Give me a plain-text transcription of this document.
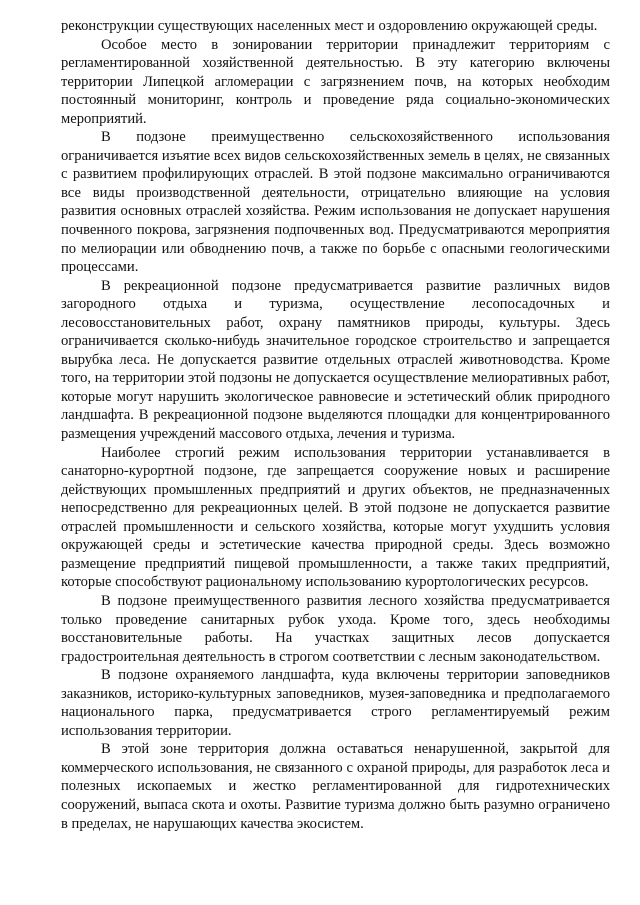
реконструкции существующих населенных мест и оздоровлению окружающей среды.

Особое место в зонировании территории принадлежит территориям с регламентированной хозяйственной деятельностью. В эту категорию включены территории Липецкой агломерации с загрязнением почв, на которых необходим постоянный мониторинг, контроль и проведение ряда социально-экономических мероприятий.

В подзоне преимущественно сельскохозяйственного использования ограничивается изъятие всех видов сельскохозяйственных земель в целях, не связанных с развитием профилирующих отраслей. В этой подзоне максимально ограничиваются все виды производственной деятельности, отрицательно влияющие на условия развития основных отраслей хозяйства. Режим использования не допускает нарушения почвенного покрова, загрязнения подпочвенных вод. Предусматриваются мероприятия по мелиорации или обводнению почв, а также по борьбе с опасными геологическими процессами.

В рекреационной подзоне предусматривается развитие различных видов загородного отдыха и туризма, осуществление лесопосадочных и лесовосстановительных работ, охрану памятников природы, культуры. Здесь ограничивается сколько-нибудь значительное городское строительство и запрещается вырубка леса. Не допускается развитие отдельных отраслей животноводства. Кроме того, на территории этой подзоны не допускается осуществление мелиоративных работ, которые могут нарушить экологическое равновесие и эстетический облик природного ландшафта. В рекреационной подзоне выделяются площадки для концентрированного размещения учреждений массового отдыха, лечения и туризма.

Наиболее строгий режим использования территории устанавливается в санаторно-курортной подзоне, где запрещается сооружение новых и расширение действующих промышленных предприятий и других объектов, не предназначенных непосредственно для рекреационных целей. В этой подзоне не допускается развитие отраслей промышленности и сельского хозяйства, которые могут ухудшить условия окружающей среды и эстетические качества природной среды. Здесь возможно размещение предприятий пищевой промышленности, а также таких предприятий, которые способствуют рациональному использованию курортологических ресурсов.

В подзоне преимущественного развития лесного хозяйства предусматривается только проведение санитарных рубок ухода. Кроме того, здесь необходимы восстановительные работы. На участках защитных лесов допускается градостроительная деятельность в строгом соответствии с лесным законодательством.

В подзоне охраняемого ландшафта, куда включены территории заповедников заказников, историко-культурных заповедников, музея-заповедника и предполагаемого национального парка, предусматривается строго регламентируемый режим использования территории.

В этой зоне территория должна оставаться ненарушенной, закрытой для коммерческого использования, не связанного с охраной природы, для разработок леса и полезных ископаемых и жестко регламентированной для гидротехнических сооружений, выпаса скота и охоты. Развитие туризма должно быть разумно ограничено в пределах, не нарушающих качества экосистем.
